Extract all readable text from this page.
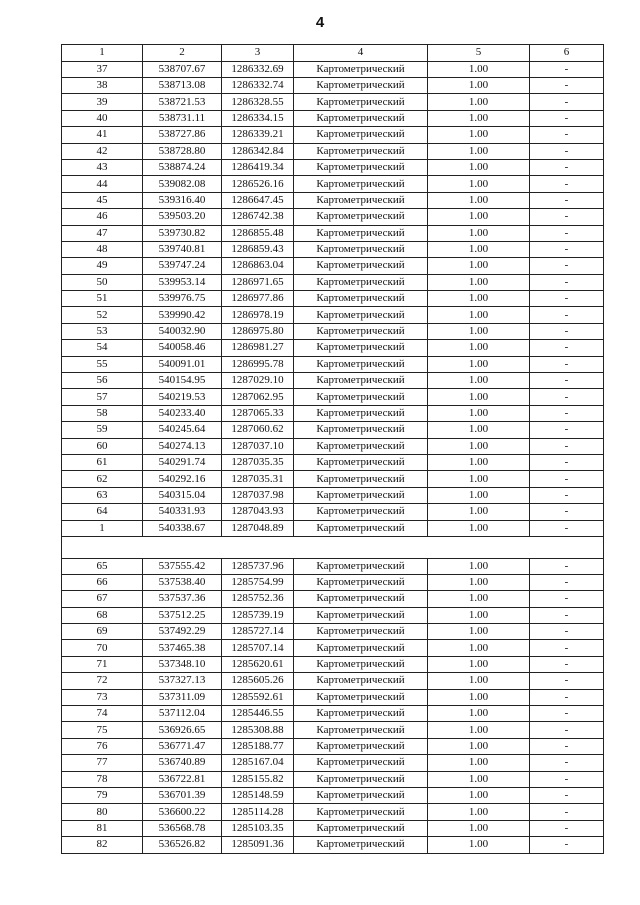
4
1	2	3	4	5	6
37	538707.67	1286332.69	Картометрический	1.00	-
38	538713.08	1286332.74	Картометрический	1.00	-
39	538721.53	1286328.55	Картометрический	1.00	-
40	538731.11	1286334.15	Картометрический	1.00	-
41	538727.86	1286339.21	Картометрический	1.00	-
42	538728.80	1286342.84	Картометрический	1.00	-
43	538874.24	1286419.34	Картометрический	1.00	-
44	539082.08	1286526.16	Картометрический	1.00	-
45	539316.40	1286647.45	Картометрический	1.00	-
46	539503.20	1286742.38	Картометрический	1.00	-
47	539730.82	1286855.48	Картометрический	1.00	-
48	539740.81	1286859.43	Картометрический	1.00	-
49	539747.24	1286863.04	Картометрический	1.00	-
50	539953.14	1286971.65	Картометрический	1.00	-
51	539976.75	1286977.86	Картометрический	1.00	-
52	539990.42	1286978.19	Картометрический	1.00	-
53	540032.90	1286975.80	Картометрический	1.00	-
54	540058.46	1286981.27	Картометрический	1.00	-
55	540091.01	1286995.78	Картометрический	1.00	-
56	540154.95	1287029.10	Картометрический	1.00	-
57	540219.53	1287062.95	Картометрический	1.00	-
58	540233.40	1287065.33	Картометрический	1.00	-
59	540245.64	1287060.62	Картометрический	1.00	-
60	540274.13	1287037.10	Картометрический	1.00	-
61	540291.74	1287035.35	Картометрический	1.00	-
62	540292.16	1287035.31	Картометрический	1.00	-
63	540315.04	1287037.98	Картометрический	1.00	-
64	540331.93	1287043.93	Картометрический	1.00	-
1	540338.67	1287048.89	Картометрический	1.00	-

65	537555.42	1285737.96	Картометрический	1.00	-
66	537538.40	1285754.99	Картометрический	1.00	-
67	537537.36	1285752.36	Картометрический	1.00	-
68	537512.25	1285739.19	Картометрический	1.00	-
69	537492.29	1285727.14	Картометрический	1.00	-
70	537465.38	1285707.14	Картометрический	1.00	-
71	537348.10	1285620.61	Картометрический	1.00	-
72	537327.13	1285605.26	Картометрический	1.00	-
73	537311.09	1285592.61	Картометрический	1.00	-
74	537112.04	1285446.55	Картометрический	1.00	-
75	536926.65	1285308.88	Картометрический	1.00	-
76	536771.47	1285188.77	Картометрический	1.00	-
77	536740.89	1285167.04	Картометрический	1.00	-
78	536722.81	1285155.82	Картометрический	1.00	-
79	536701.39	1285148.59	Картометрический	1.00	-
80	536600.22	1285114.28	Картометрический	1.00	-
81	536568.78	1285103.35	Картометрический	1.00	-
82	536526.82	1285091.36	Картометрический	1.00	-
